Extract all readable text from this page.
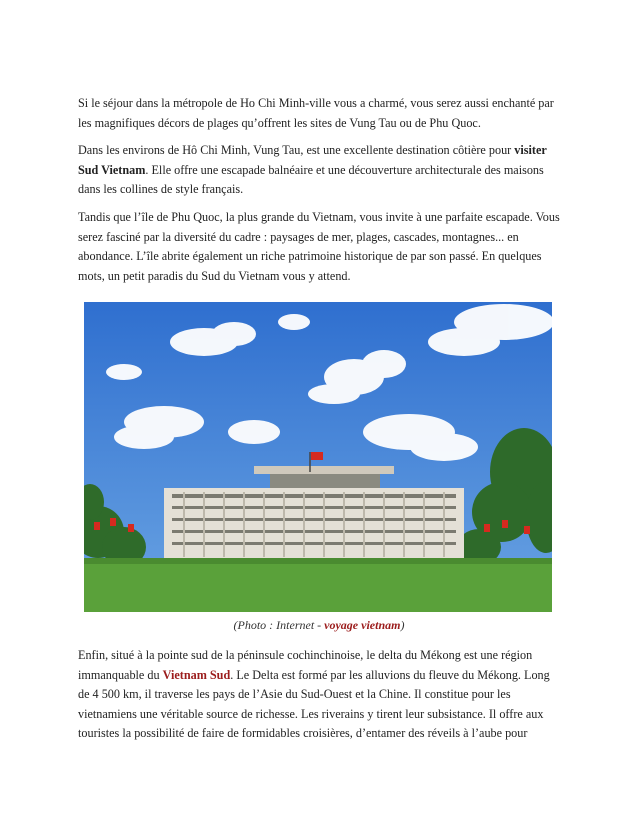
Si le séjour dans la métropole de Ho Chi Minh-ville vous a charmé, vous serez aussi enchanté par les magnifiques décors de plages qu’offrent les sites de Vung Tau ou de Phu Quoc.

Dans les environs de Hô Chi Minh, Vung Tau, est une excellente destination côtière pour visiter Sud Vietnam. Elle offre une escapade balnéaire et une découverture architecturale des maisons dans les collines de style français.

Tandis que l’île de Phu Quoc, la plus grande du Vietnam, vous invite à une parfaite escapade. Vous serez fasciné par la diversité du cadre : paysages de mer, plages, cascades, montagnes... en abondance. L’île abrite également un riche patrimoine historique de par son passé. En quelques mots, un petit paradis du Sud du Vietnam vous y attend.

(Photo : Internet - voyage vietnam)

Enfin, situé à la pointe sud de la péninsule cochinchinoise, le delta du Mékong est une région immanquable du Vietnam Sud. Le Delta est formé par les alluvions du fleuve du Mékong. Long de 4 500 km, il traverse les pays de l’Asie du Sud-Ouest et la Chine. Il constitue pour les vietnamiens une véritable source de richesse. Les riverains y tirent leur subsistance. Il offre aux touristes la possibilité de faire de formidables croisières, d’entamer des réveils à l’aube pour
